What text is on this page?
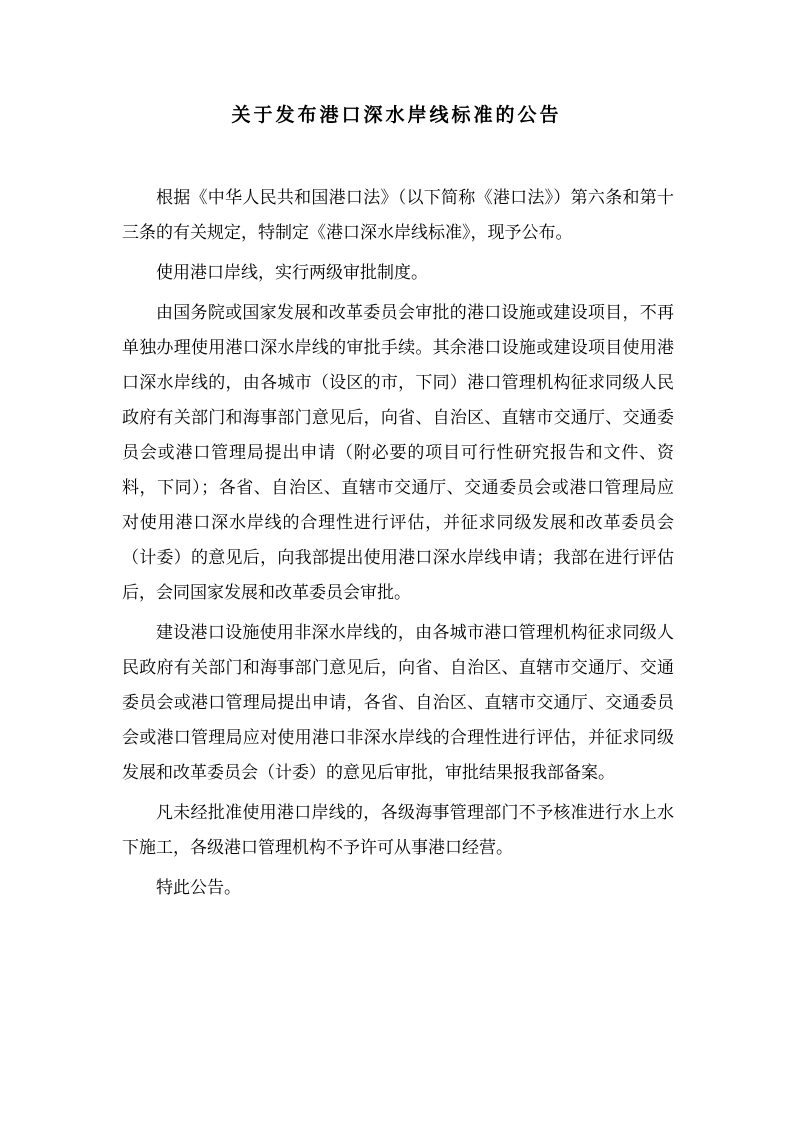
关于发布港口深水岸线标准的公告

根据《中华人民共和国港口法》（以下简称《港口法》）第六条和第十三条的有关规定，特制定《港口深水岸线标准》，现予公布。

使用港口岸线，实行两级审批制度。

由国务院或国家发展和改革委员会审批的港口设施或建设项目，不再单独办理使用港口深水岸线的审批手续。其余港口设施或建设项目使用港口深水岸线的，由各城市（设区的市，下同）港口管理机构征求同级人民政府有关部门和海事部门意见后，向省、自治区、直辖市交通厅、交通委员会或港口管理局提出申请（附必要的项目可行性研究报告和文件、资料，下同）；各省、自治区、直辖市交通厅、交通委员会或港口管理局应对使用港口深水岸线的合理性进行评估，并征求同级发展和改革委员会（计委）的意见后，向我部提出使用港口深水岸线申请；我部在进行评估后，会同国家发展和改革委员会审批。

建设港口设施使用非深水岸线的，由各城市港口管理机构征求同级人民政府有关部门和海事部门意见后，向省、自治区、直辖市交通厅、交通委员会或港口管理局提出申请，各省、自治区、直辖市交通厅、交通委员会或港口管理局应对使用港口非深水岸线的合理性进行评估，并征求同级发展和改革委员会（计委）的意见后审批，审批结果报我部备案。

凡未经批准使用港口岸线的，各级海事管理部门不予核准进行水上水下施工，各级港口管理机构不予许可从事港口经营。

特此公告。
